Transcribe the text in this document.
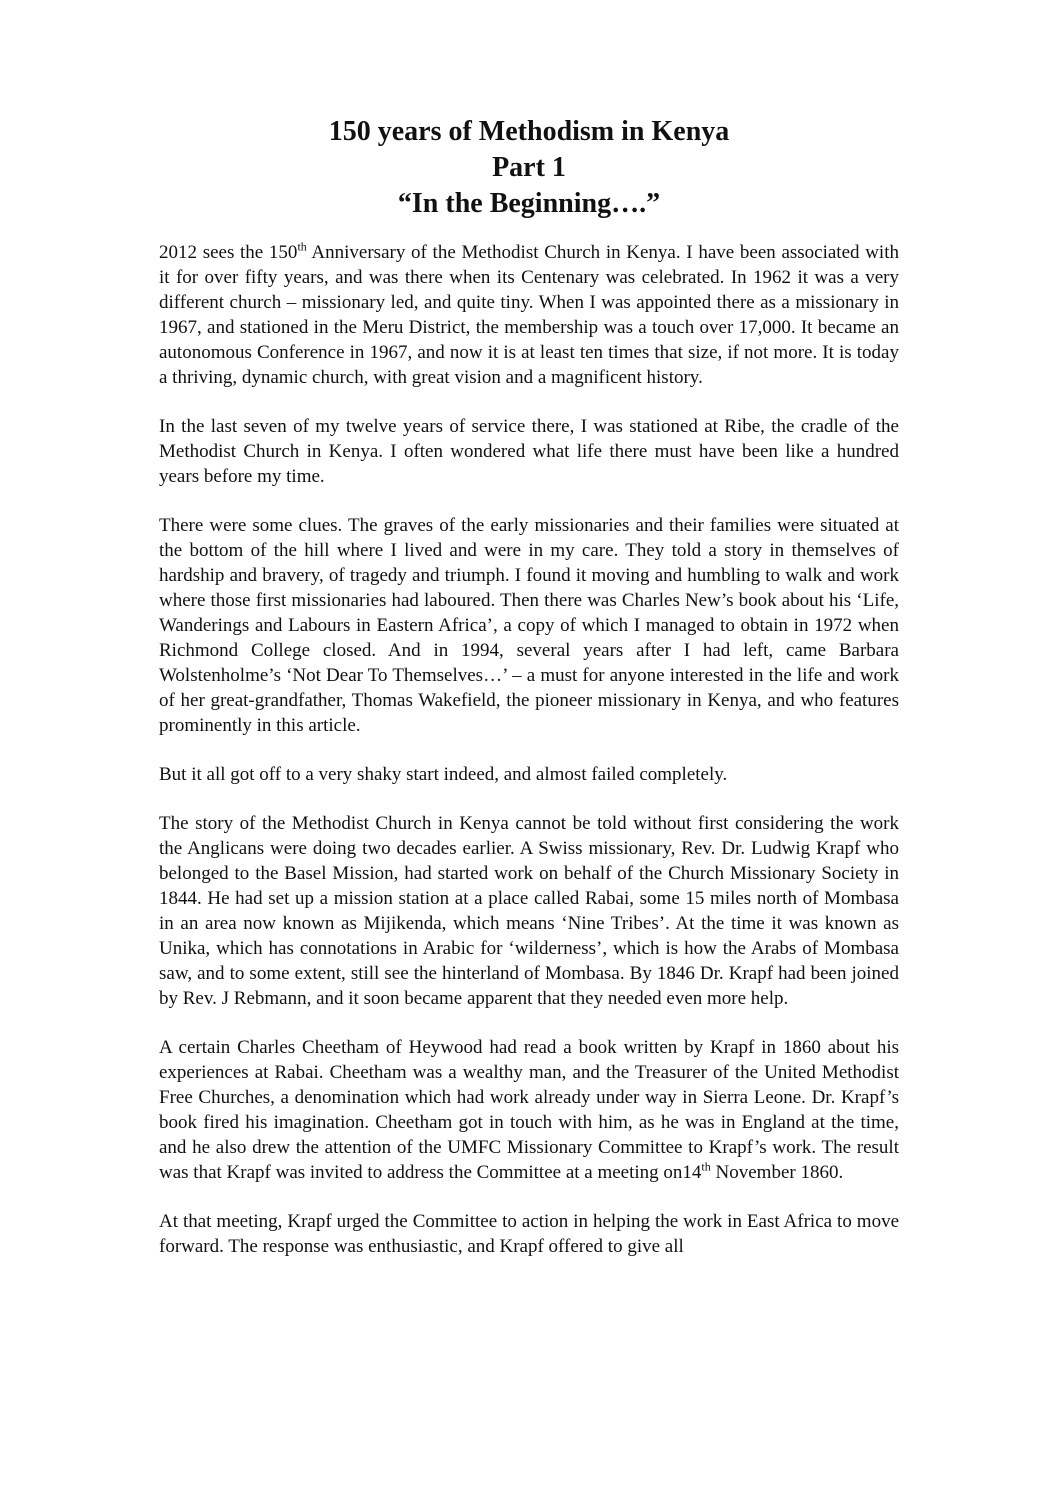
150 years of Methodism in Kenya
Part 1
“In the Beginning….”

2012 sees the 150th Anniversary of the Methodist Church in Kenya. I have been associated with it for over fifty years, and was there when its Centenary was celebrated. In 1962 it was a very different church – missionary led, and quite tiny. When I was appointed there as a missionary in 1967, and stationed in the Meru District, the membership was a touch over 17,000. It became an autonomous Conference in 1967, and now it is at least ten times that size, if not more. It is today a thriving, dynamic church, with great vision and a magnificent history.

In the last seven of my twelve years of service there, I was stationed at Ribe, the cradle of the Methodist Church in Kenya. I often wondered what life there must have been like a hundred years before my time.

There were some clues. The graves of the early missionaries and their families were situated at the bottom of the hill where I lived and were in my care. They told a story in themselves of hardship and bravery, of tragedy and triumph. I found it moving and humbling to walk and work where those first missionaries had laboured. Then there was Charles New’s book about his ‘Life, Wanderings and Labours in Eastern Africa’, a copy of which I managed to obtain in 1972 when Richmond College closed. And in 1994, several years after I had left, came Barbara Wolstenholme’s ‘Not Dear To Themselves…’ – a must for anyone interested in the life and work of her great-grandfather, Thomas Wakefield, the pioneer missionary in Kenya, and who features prominently in this article.

But it all got off to a very shaky start indeed, and almost failed completely.

The story of the Methodist Church in Kenya cannot be told without first considering the work the Anglicans were doing two decades earlier. A Swiss missionary, Rev. Dr. Ludwig Krapf who belonged to the Basel Mission, had started work on behalf of the Church Missionary Society in 1844. He had set up a mission station at a place called Rabai, some 15 miles north of Mombasa in an area now known as Mijikenda, which means ‘Nine Tribes’. At the time it was known as Unika, which has connotations in Arabic for ‘wilderness’, which is how the Arabs of Mombasa saw, and to some extent, still see the hinterland of Mombasa. By 1846 Dr. Krapf had been joined by Rev. J Rebmann, and it soon became apparent that they needed even more help.

A certain Charles Cheetham of Heywood had read a book written by Krapf in 1860 about his experiences at Rabai. Cheetham was a wealthy man, and the Treasurer of the United Methodist Free Churches, a denomination which had work already under way in Sierra Leone. Dr. Krapf’s book fired his imagination. Cheetham got in touch with him, as he was in England at the time, and he also drew the attention of the UMFC Missionary Committee to Krapf’s work. The result was that Krapf was invited to address the Committee at a meeting on14th November 1860.

At that meeting, Krapf urged the Committee to action in helping the work in East Africa to move forward. The response was enthusiastic, and Krapf offered to give all
